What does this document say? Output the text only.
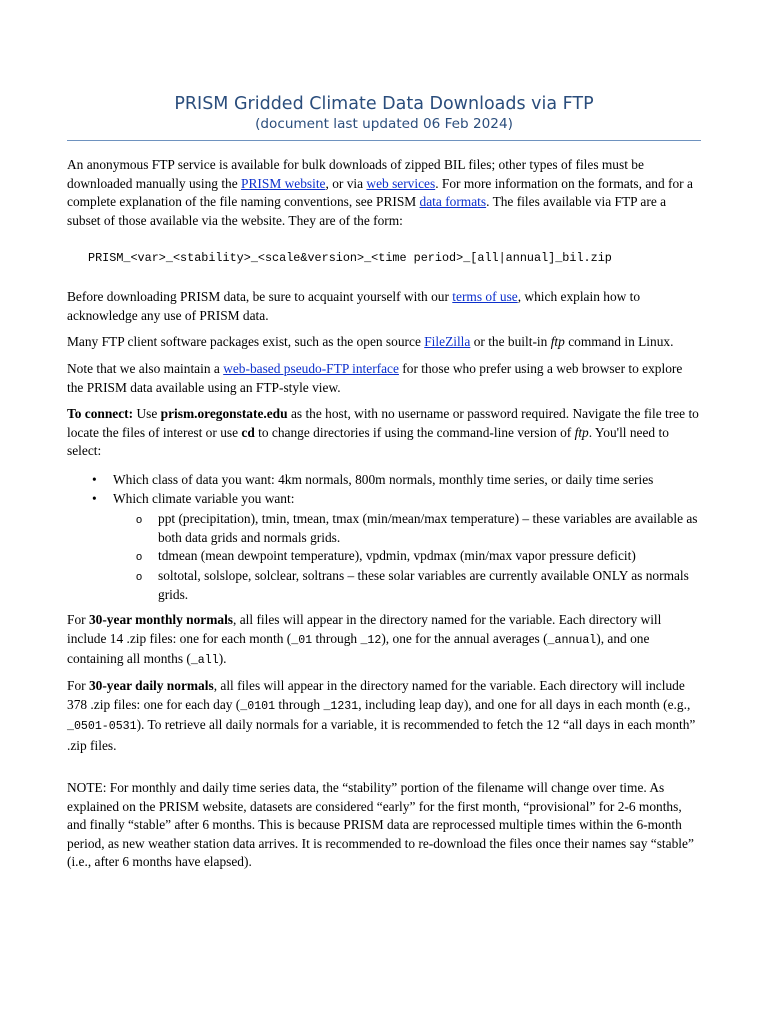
PRISM Gridded Climate Data Downloads via FTP
(document last updated 06 Feb 2024)

An anonymous FTP service is available for bulk downloads of zipped BIL files; other types of files must be downloaded manually using the PRISM website, or via web services. For more information on the formats, and for a complete explanation of the file naming conventions, see PRISM data formats. The files available via FTP are a subset of those available via the website. They are of the form:

PRISM_<var>_<stability>_<scale&version>_<time period>_[all|annual]_bil.zip

Before downloading PRISM data, be sure to acquaint yourself with our terms of use, which explain how to acknowledge any use of PRISM data.

Many FTP client software packages exist, such as the open source FileZilla or the built-in ftp command in Linux.

Note that we also maintain a web-based pseudo-FTP interface for those who prefer using a web browser to explore the PRISM data available using an FTP-style view.

To connect: Use prism.oregonstate.edu as the host, with no username or password required. Navigate the file tree to locate the files of interest or use cd to change directories if using the command-line version of ftp. You'll need to select:

• Which class of data you want: 4km normals, 800m normals, monthly time series, or daily time series

• Which climate variable you want:

o ppt (precipitation), tmin, tmean, tmax (min/mean/max temperature) – these variables are available as both data grids and normals grids.

o tdmean (mean dewpoint temperature), vpdmin, vpdmax (min/max vapor pressure deficit)

o soltotal, solslope, solclear, soltrans – these solar variables are currently available ONLY as normals grids.

For 30-year monthly normals, all files will appear in the directory named for the variable. Each directory will include 14 .zip files: one for each month (_01 through _12), one for the annual averages (_annual), and one containing all months (_all).

For 30-year daily normals, all files will appear in the directory named for the variable. Each directory will include 378 .zip files: one for each day (_0101 through _1231, including leap day), and one for all days in each month (e.g., _0501-0531). To retrieve all daily normals for a variable, it is recommended to fetch the 12 “all days in each month” .zip files.

NOTE: For monthly and daily time series data, the “stability” portion of the filename will change over time. As explained on the PRISM website, datasets are considered “early” for the first month, “provisional” for 2-6 months, and finally “stable” after 6 months. This is because PRISM data are reprocessed multiple times within the 6-month period, as new weather station data arrives. It is recommended to re-download the files once their names say “stable” (i.e., after 6 months have elapsed).
